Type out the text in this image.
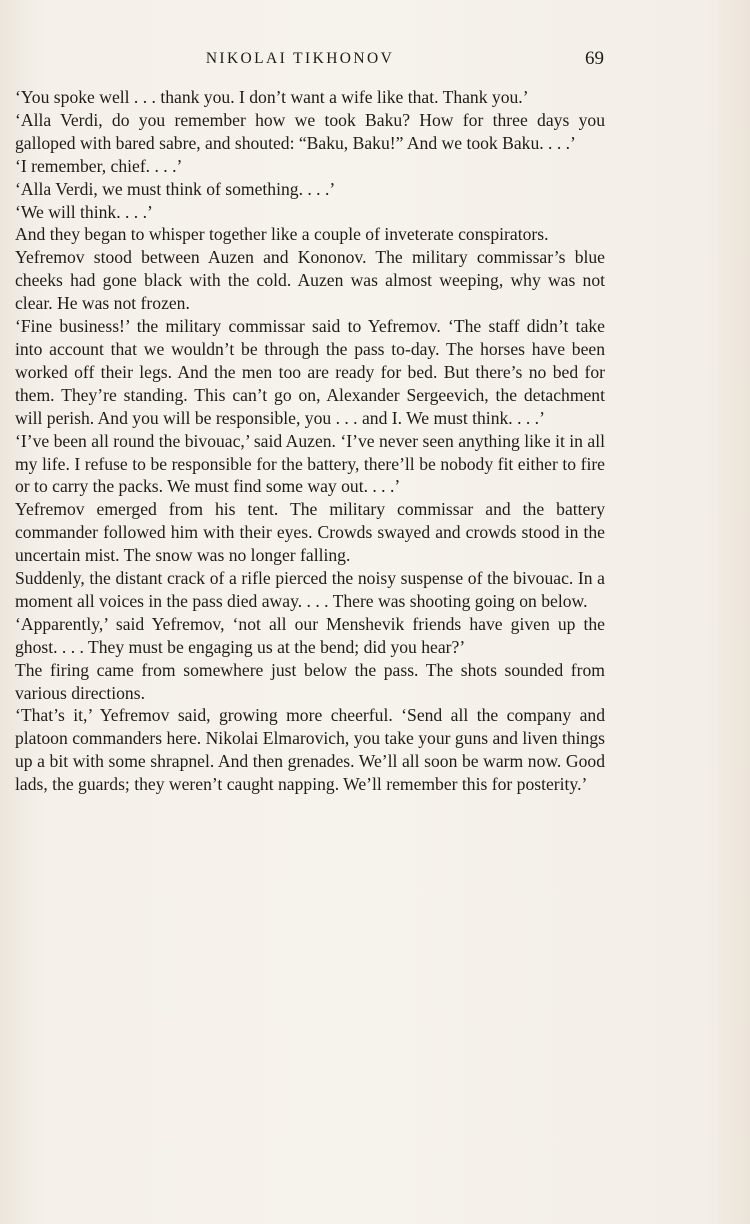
NIKOLAI TIKHONOV	69

‘You spoke well . . . thank you. I don’t want a wife like that. Thank you.’

‘Alla Verdi, do you remember how we took Baku? How for three days you galloped with bared sabre, and shouted: “Baku, Baku!” And we took Baku. . . .’

‘I remember, chief. . . .’

‘Alla Verdi, we must think of something. . . .’

‘We will think. . . .’

And they began to whisper together like a couple of inveterate conspirators.

Yefremov stood between Auzen and Kononov. The military commissar’s blue cheeks had gone black with the cold. Auzen was almost weeping, why was not clear. He was not frozen.

‘Fine business!’ the military commissar said to Yefremov. ‘The staff didn’t take into account that we wouldn’t be through the pass to-day. The horses have been worked off their legs. And the men too are ready for bed. But there’s no bed for them. They’re standing. This can’t go on, Alexander Sergeevich, the detachment will perish. And you will be responsible, you . . . and I. We must think. . . .’

‘I’ve been all round the bivouac,’ said Auzen. ‘I’ve never seen anything like it in all my life. I refuse to be responsible for the battery, there’ll be nobody fit either to fire or to carry the packs. We must find some way out. . . .’

Yefremov emerged from his tent. The military commissar and the battery commander followed him with their eyes. Crowds swayed and crowds stood in the uncertain mist. The snow was no longer falling.

Suddenly, the distant crack of a rifle pierced the noisy suspense of the bivouac. In a moment all voices in the pass died away. . . . There was shooting going on below.

‘Apparently,’ said Yefremov, ‘not all our Menshevik friends have given up the ghost. . . . They must be engaging us at the bend; did you hear?’

The firing came from somewhere just below the pass. The shots sounded from various directions.

‘That’s it,’ Yefremov said, growing more cheerful. ‘Send all the company and platoon commanders here. Nikolai Elmarovich, you take your guns and liven things up a bit with some shrapnel. And then grenades. We’ll all soon be warm now. Good lads, the guards; they weren’t caught napping. We’ll remember this for posterity.’
